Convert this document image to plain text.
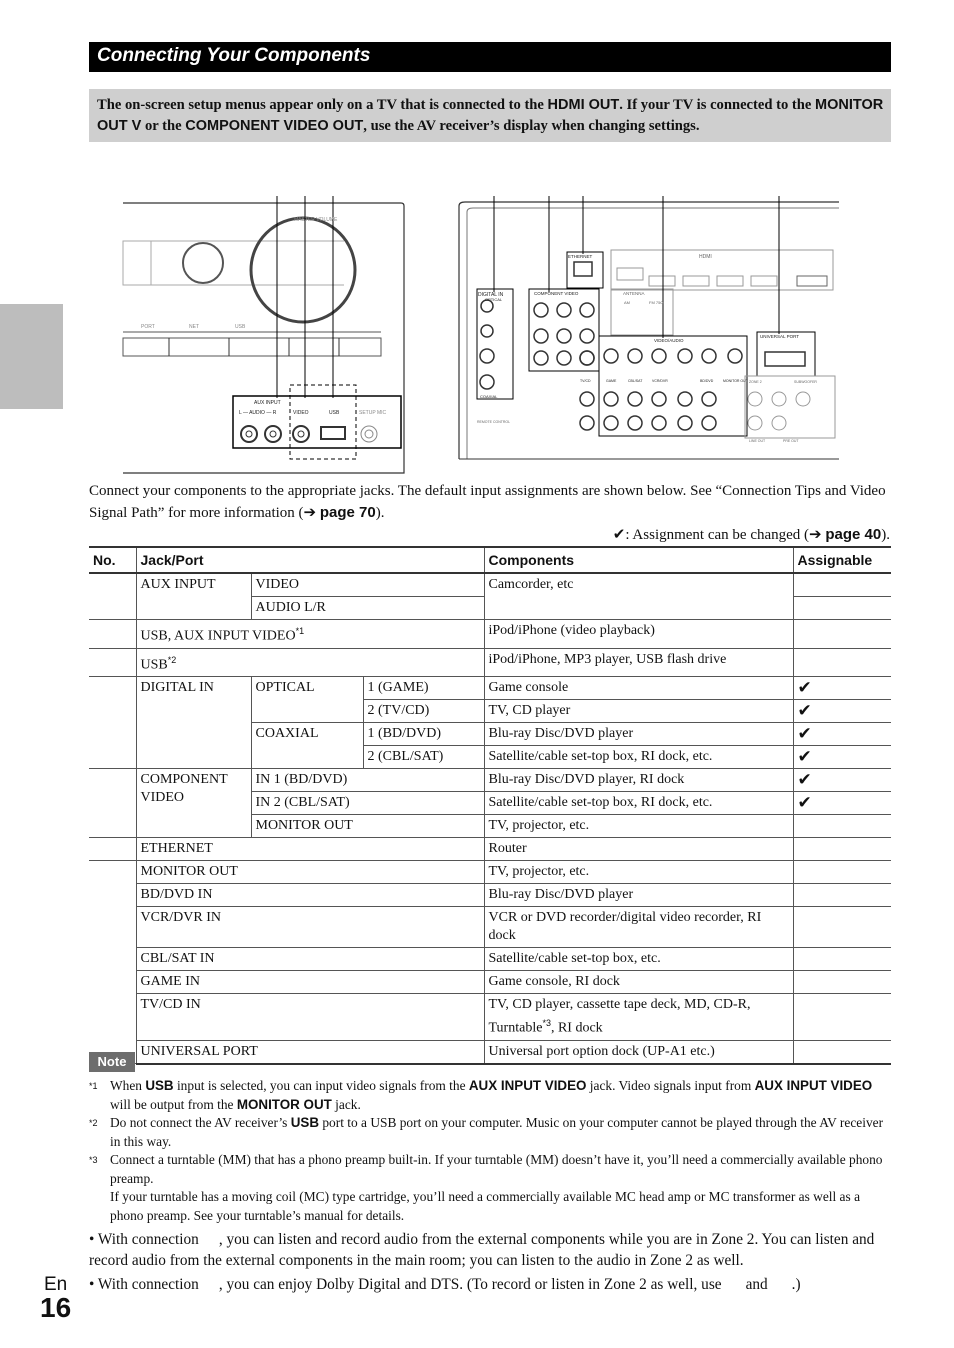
Connecting Your Components
The on-screen setup menus appear only on a TV that is connected to the HDMI OUT. If your TV is connected to the MONITOR OUT V or the COMPONENT VIDEO OUT, use the AV receiver’s display when changing settings.
AUX INPUT
L — AUDIO — R	VIDEO	USB	SETUP MIC
MASTER VOLUME
PORT	NET	USB
DIGITAL IN
OPTICAL
COAXIAL
COMPONENT VIDEO
ETHERNET	HDMI
ANTENNA
AM	FM 75Ω
UNIVERSAL PORT
VIDEO/AUDIO
MONITOR OUT
TV/CD	GAME	CBL/SAT	VCR/DVR	BD/DVD
LINE OUT	PRE OUT
ZONE 2	SUBWOOFER
REMOTE CONTROL
Connect your components to the appropriate jacks. The default input assignments are shown below. See “Connection Tips and Video Signal Path” for more information (➔ page 70).
✔: Assignment can be changed (➔ page 40).
No.	Jack/Port			Components	Assignable
	AUX INPUT	VIDEO		Camcorder, etc	
		AUDIO L/R			
	USB, AUX INPUT VIDEO$^{*1}$			iPod/iPhone (video playback)	
	USB$^{*2}$			iPod/iPhone, MP3 player, USB flash drive	
	DIGITAL IN	OPTICAL	1 (GAME)	Game console	✔
			2 (TV/CD)	TV, CD player	✔
		COAXIAL	1 (BD/DVD)	Blu-ray Disc/DVD player	✔
			2 (CBL/SAT)	Satellite/cable set-top box, RI dock, etc.	✔
	COMPONENT VIDEO	IN 1 (BD/DVD)		Blu-ray Disc/DVD player, RI dock	✔
		IN 2 (CBL/SAT)		Satellite/cable set-top box, RI dock, etc.	✔
		MONITOR OUT		TV, projector, etc.	
	ETHERNET			Router	
	MONITOR OUT			TV, projector, etc.	
	BD/DVD IN			Blu-ray Disc/DVD player	
	VCR/DVR IN			VCR or DVD recorder/digital video recorder, RI dock	
	CBL/SAT IN			Satellite/cable set-top box, etc.	
	GAME IN			Game console, RI dock	
	TV/CD IN			TV, CD player, cassette tape deck, MD, CD-R, Turntable$^{*3}$, RI dock	
	UNIVERSAL PORT			Universal port option dock (UP-A1 etc.)	
Note
*1 When USB input is selected, you can input video signals from the AUX INPUT VIDEO jack. Video signals input from AUX INPUT VIDEO will be output from the MONITOR OUT jack.
*2 Do not connect the AV receiver’s USB port to a USB port on your computer. Music on your computer cannot be played through the AV receiver in this way.
*3 Connect a turntable (MM) that has a phono preamp built-in. If your turntable (MM) doesn’t have it, you’ll need a commercially available phono preamp.
If your turntable has a moving coil (MC) type cartridge, you’ll need a commercially available MC head amp or MC transformer as well as a phono preamp. See your turntable’s manual for details.
• With connection , you can listen and record audio from the external components while you are in Zone 2. You can listen and record audio from the external components in the main room; you can listen to the audio in Zone 2 as well.
• With connection , you can enjoy Dolby Digital and DTS. (To record or listen in Zone 2 as well, use and .)
En
16
